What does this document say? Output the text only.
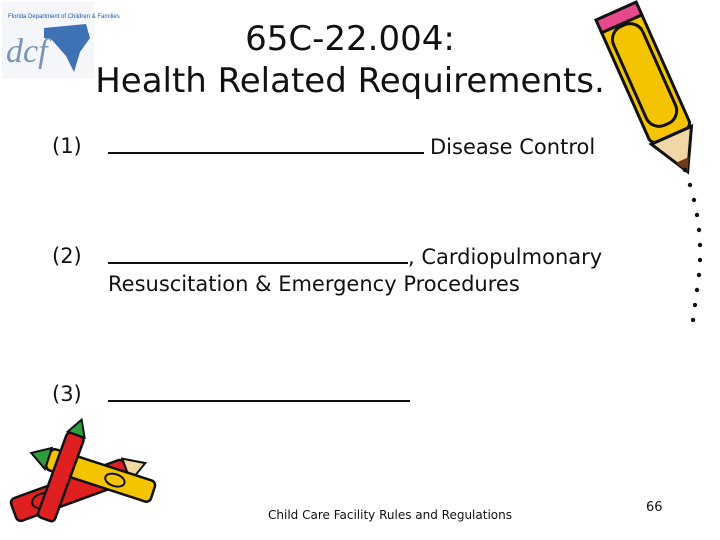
Florida Department of Children & Families
dcf	65C-22.004:
Health Related Requirements.
(1)	Disease Control
(2)	, Cardiopulmonary
Resuscitation & Emergency Procedures
(3)
Child Care Facility Rules and Regulations	66
